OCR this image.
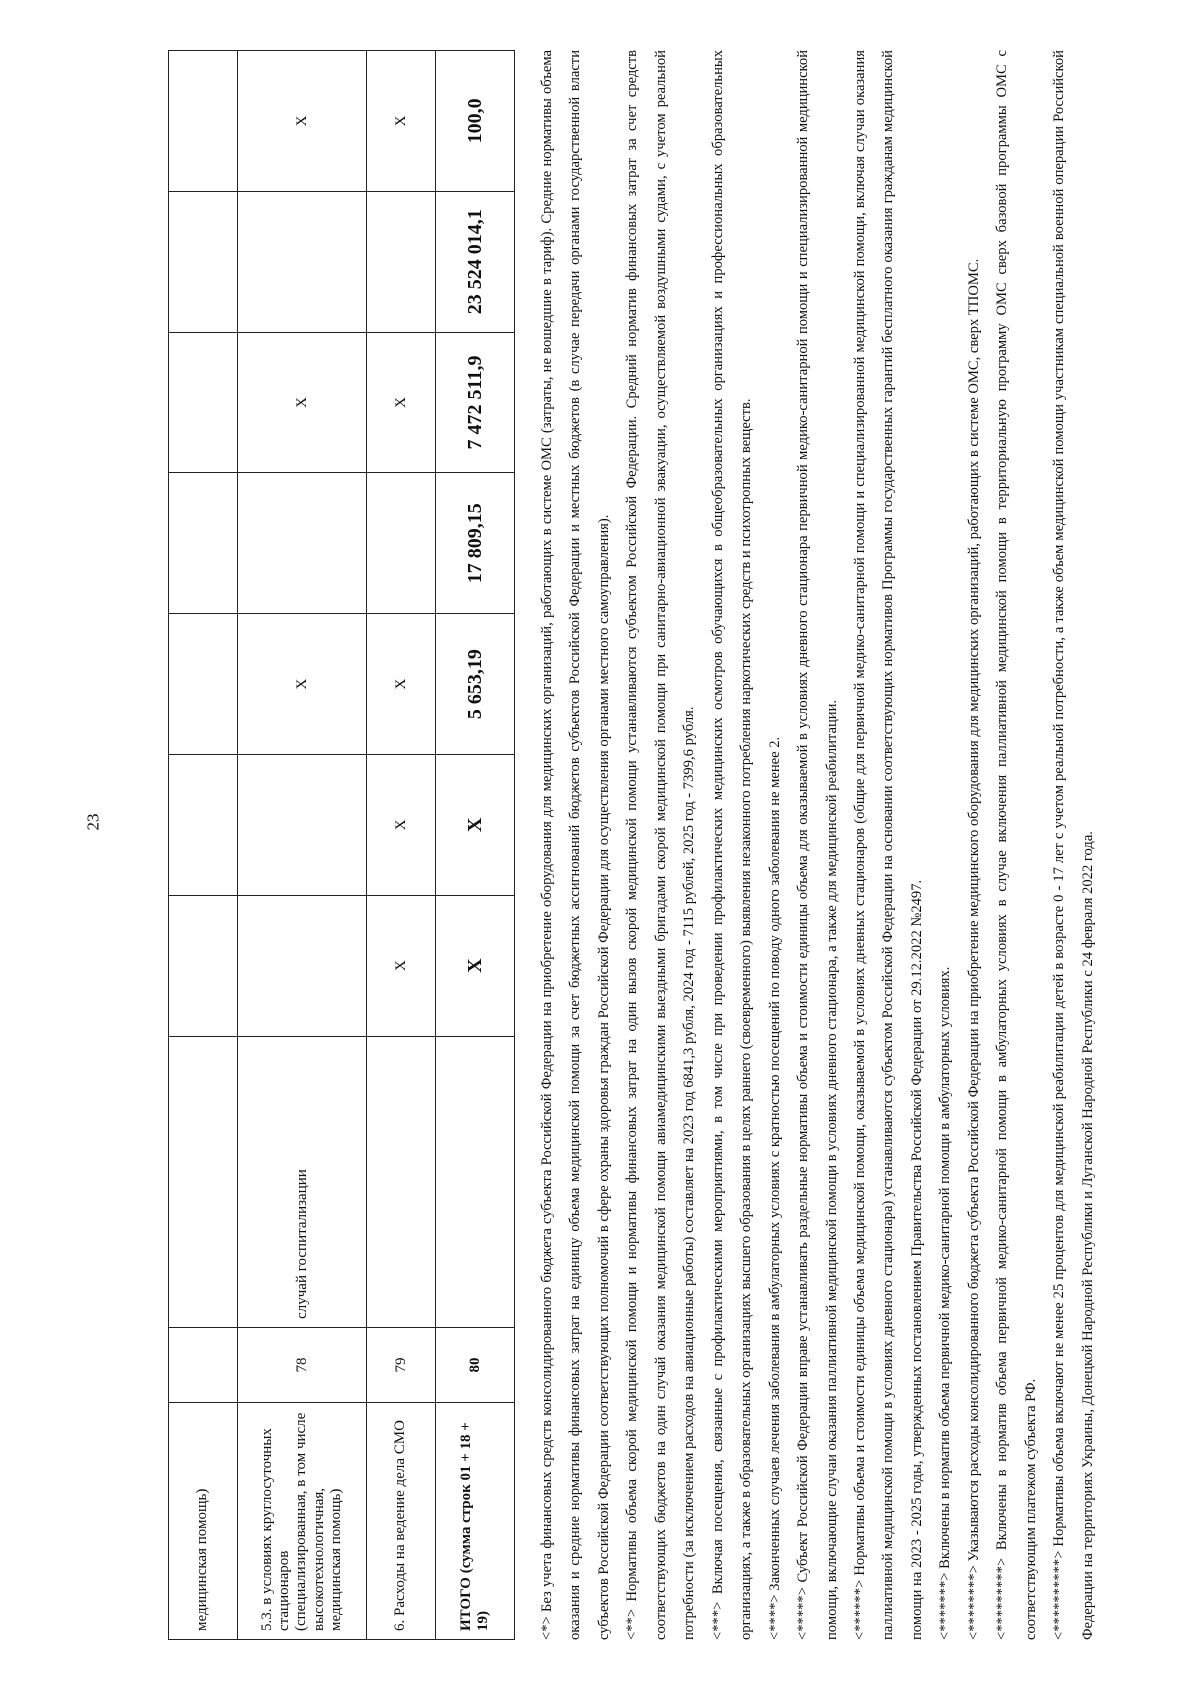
23
медицинская помощь)									
5.3. в условиях круглосуточных стационаров (специализированная, в том числе высокотехнологичная, медицинская помощь)	78	случай госпитализации			X		X		X
6. Расходы на ведение дела СМО	79		X	X	X		X		X
ИТОГО (сумма строк 01 + 18 + 19)	80		X	X	5 653,19	17 809,15	7 472 511,9	23 524 014,1	100,0	<*> Без учета финансовых средств консолидированного бюджета субъекта Российской Федерации на приобретение оборудования для медицинских организаций, работающих в системе ОМС (затраты, не вошедшие в тариф). Средние нормативы объема оказания и средние нормативы финансовых затрат на единицу объема медицинской помощи за счет бюджетных ассигнований бюджетов субъектов Российской Федерации и местных бюджетов (в случае передачи органами государственной власти субъектов Российской Федерации соответствующих полномочий в сфере охраны здоровья граждан Российской Федерации для осуществления органами местного самоуправления). <**> Нормативы объема скорой медицинской помощи и нормативы финансовых затрат на один вызов скорой медицинской помощи устанавливаются субъектом Российской Федерации. Средний норматив финансовых затрат за счет средств соответствующих бюджетов на один случай оказания медицинской помощи авиамедицинскими выездными бригадами скорой медицинской помощи при санитарно-авиационной эвакуации, осуществляемой воздушными судами, с учетом реальной потребности (за исключением расходов на авиационные работы) составляет на 2023 год 6841,3 рубля, 2024 год - 7115 рублей, 2025 год - 7399,6 рубля. <***> Включая посещения, связанные с профилактическими мероприятиями, в том числе при проведении профилактических медицинских осмотров обучающихся в общеобразовательных организациях и профессиональных образовательных организациях, а также в образовательных организациях высшего образования в целях раннего (своевременного) выявления незаконного потребления наркотических средств и психотропных веществ. <****> Законченных случаев лечения заболевания в амбулаторных условиях с кратностью посещений по поводу одного заболевания не менее 2. <*****> Субъект Российской Федерации вправе устанавливать раздельные нормативы объема и стоимости единицы объема для оказываемой в условиях дневного стационара первичной медико-санитарной помощи и специализированной медицинской помощи, включающие случаи оказания паллиативной медицинской помощи в условиях дневного стационара, а также для медицинской реабилитации. <******> Нормативы объема и стоимости единицы объема медицинской помощи, оказываемой в условиях дневных стационаров (общие для первичной медико-санитарной помощи и специализированной медицинской помощи, включая случаи оказания паллиативной медицинской помощи в условиях дневного стационара) устанавливаются субъектом Российской Федерации на основании соответствующих нормативов Программы государственных гарантий бесплатного оказания гражданам медицинской помощи на 2023 - 2025 годы, утвержденных постановлением Правительства Российской Федерации от 29.12.2022 №2497. <*******> Включены в норматив объема первичной медико-санитарной помощи в амбулаторных условиях. <********> Указываются расходы консолидированного бюджета субъекта Российской Федерации на приобретение медицинского оборудования для медицинских организаций, работающих в системе ОМС, сверх ТПОМС. <*********> Включены в норматив объема первичной медико-санитарной помощи в амбулаторных условиях в случае включения паллиативной медицинской помощи в территориальную программу ОМС сверх базовой программы ОМС с соответствующим платежом субъекта РФ. <**********> Нормативы объема включают не менее 25 процентов для медицинской реабилитации детей в возрасте 0 - 17 лет с учетом реальной потребности, а также объем медицинской помощи участникам специальной военной операции Российской Федерации на территориях Украины, Донецкой Народной Республики и Луганской Народной Республики с 24 февраля 2022 года.
